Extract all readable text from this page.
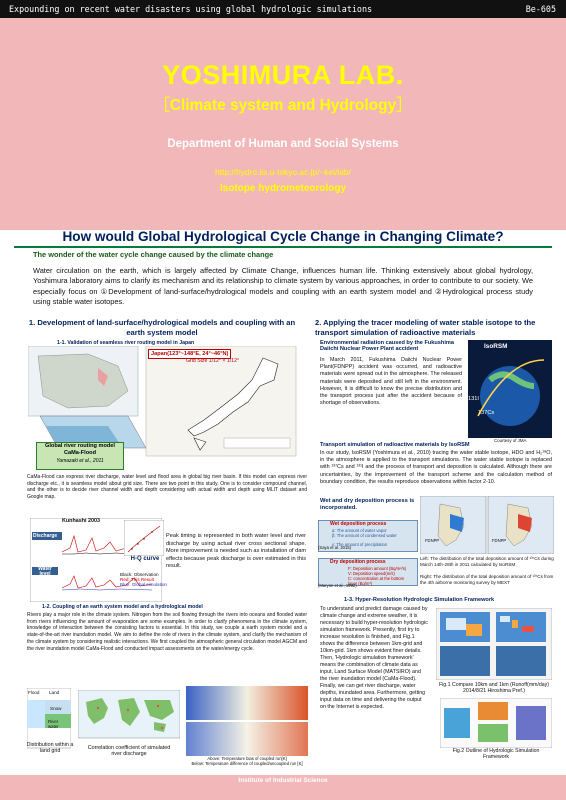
Expounding on recent water disasters using global hydrologic simulations	Be-605
YOSHIMURA LAB.
［Climate system and Hydrology］
Department of Human and Social Systems
http://hydro.iis.u-tokyo.ac.jp/~kei/lab/
Isotope hydrometeorology
How would Global Hydrological Cycle Change in Changing Climate?
The wonder of the water cycle change caused by the climate change
Water circulation on the earth, which is largely affected by Climate Change, influences human life. Thinking extensively about global hydrology, Yoshimura laboratory aims to clarify its mechanism and its relationship to climate system by various approaches, in order to contribute to our society. We especially focus on ①Development of land-surface/hydrological models and coupling with an earth system model and ②Hydrological process study using stable water isotopes.
1. Development of land-surface/hydrological models and coupling with an earth system model
1-1. Validation of seamless river routing model in Japan
Japan(123°~148°E, 24°~46°N)
Grid Size 1/12° × 1/12°
Global river routing model CaMa-Flood
Yamazaki et al., 2011
CaMa-Flood can express river discharge, water level and flood area in global big river basin. If this model can express river discharge etc., it is seamless model about grid size. There are two point in this study. One is to consider compound channel, and the other is to decide river channel width and depth considering with actual width and depth using MLIT dataset and Google map.
Kunhashi 2003
Discharge
Water level
H-Q curve
Black: Observation
Red: This Result
Blue: Global simulation
Peak timing is represented in both water level and river discharge by using actual river cross sectional shape. More improvement is needed such as installation of dam effects because peak discharge is over estimated in this result.
1-2. Coupling of an earth system model and a hydrological model
Rivers play a major role in the climate system. Nitrogen from the soil flowing through the rivers into oceans and flooded water from rivers influencing the amount of evaporation are some examples. In order to clarify phenomena in the climate system, knowledge of interaction between the consisting factors is essential. In this study, we couple a earth system model and a state-of-the-art river inundation model. We aim to define the role of rivers in the climate system, and clarify the mechanism of the climate system by considering realistic interactions. We first coupled the atmospheric general circulation model AGCM and the river inundation model CaMa-Flood and conducted impact assessments on the water/energy cycle.
Flood Land
Snow
River water
Distribution within a land grid	Correlation coefficient of simulated river discharge
Above: Temperature bias of coupled run[K]
Below: Temperature difference of coupled/uncoupled run [K]
2. Applying the tracer modeling of water stable isotope to the transport simulation of radioactive materials
Environmental radiation caused by the Fukushima Daiichi Nuclear Power Plant accident
In March 2011, Fukushima Daiichi Nuclear Power Plant(FDNPP) accident was occurred, and radioactive materials were spread out in the atmosphere. The released materials were deposited and still left in the environment. However, it is difficult to know the precise distribution and the transport process just after the accident because of shortage of observations.
IsoRSM
131I
137Cs
Courtesy of JMA
Transport simulation of radioactive materials by IsoRSM
In our study, IsoRSM (Yoshimura et al., 2010) tracing the water stable isotope, HDO and H₂¹⁸O, in the atmosphere is applied to the transport simulations. The water stable isotope is replaced with ¹³⁷Cs and ¹³¹I and the process of transport and deposition is calculated. Although there are uncertainties, by the improvement of the transport scheme and the calculation method of boundary condition, the results reproduce observations within factor 2-10.
Wet and dry deposition process is incorporated.
Wet deposition process
α: The amount of water vapor
β: The amount of condensed water
γ: The amount of precipitation
(Saya et al. 2015)
Dry deposition process
F: Deposition amount (Bq/m²/s)
V: Deposition speed(m/s)
C: concentration at the bottom layer (Bq/m³)
(Maryon et al., 1992)
FDNPP	FDNPP
Left: The distribution of the total deposition amount of ¹³⁷Cs during March 14th-28th in 2011 calculated by IsoRSM
Right: The distribution of the total deposition amount of ¹³⁷Cs from the 4th airborne monitoring survey by MEXT
1-3. Hyper-Resolution Hydrologic Simulation Framework
To understand and predict damage caused by climate change and extreme weather, it is necessary to build hyper-resolution hydrologic simulation framework. Presently, first try to increase resolution is finished, and Fig.1 shows the difference between 1km-grid and 10km-grid. 1km shows evident finer details. Then, 'Hydrologic simulation framework' means the combination of climate data as input, Land Surface Model (MATSIRO) and the river inundation model (CaMa-Flood). Finally, we can get river discharge, water depths, inundated area. Furthermore, getting input data on time and delivering the output on the Internet is expected.
Fig.1 Compare 10km and 1km (Runoff(mm/day) 2014/8/21 Hiroshima Pref.)
Fig.2 Outline of Hydrologic Simulation Framework
Institute of Industrial Science
